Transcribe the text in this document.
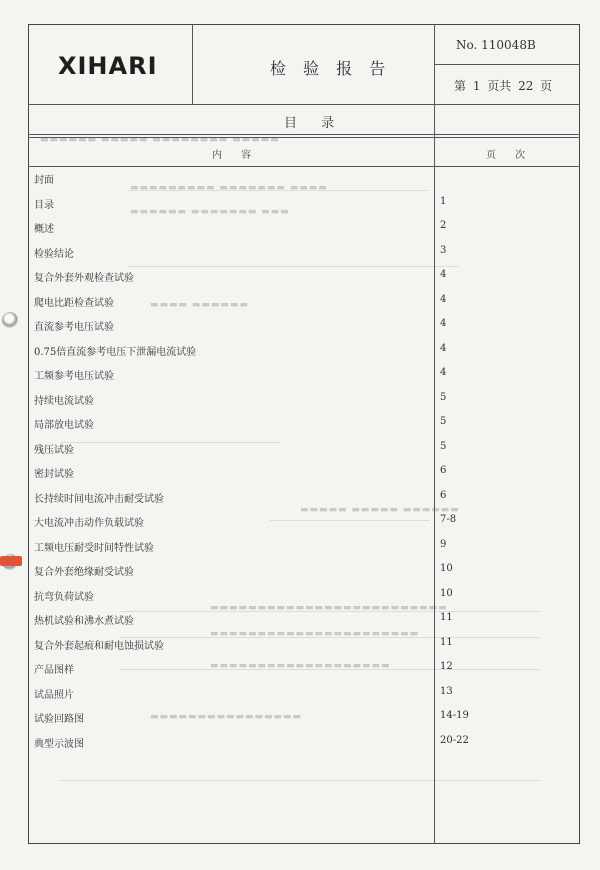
▬▬▬▬▬▬ ▬▬▬▬▬ ▬▬▬▬▬▬▬▬ ▬▬▬▬▬
▬▬▬▬▬▬▬▬▬ ▬▬▬▬▬▬▬ ▬▬▬▬
▬▬▬▬▬▬ ▬▬▬▬▬▬▬ ▬▬▬
▬▬▬▬ ▬▬▬▬▬▬
▬▬▬▬▬ ▬▬▬▬▬ ▬▬▬▬▬▬
▬▬▬▬▬▬▬▬▬▬▬▬▬▬▬▬▬▬▬▬▬▬▬▬▬
▬▬▬▬▬▬▬▬▬▬▬▬▬▬▬▬▬▬▬▬▬▬
▬▬▬▬▬▬▬▬▬▬▬▬▬▬▬▬▬▬▬
▬▬▬▬▬▬▬▬▬▬▬▬▬▬▬▬
XIHARI	检 验 报 告
No. 110048B
第 1 页共 22 页
目 录
内 容	页 次
封面
目录	1
概述	2
检验结论	3
复合外套外观检查试验	4
爬电比距检查试验	4
直流参考电压试验	4
0.75倍直流参考电压下泄漏电流试验	4
工频参考电压试验	4
持续电流试验	5
局部放电试验	5
残压试验	5
密封试验	6
长持续时间电流冲击耐受试验	6
大电流冲击动作负载试验	7-8
工频电压耐受时间特性试验	9
复合外套绝缘耐受试验	10
抗弯负荷试验	10
热机试验和沸水煮试验	11
复合外套起痕和耐电蚀损试验	11
产品图样	12
试品照片	13
试验回路图	14-19
典型示波图	20-22
